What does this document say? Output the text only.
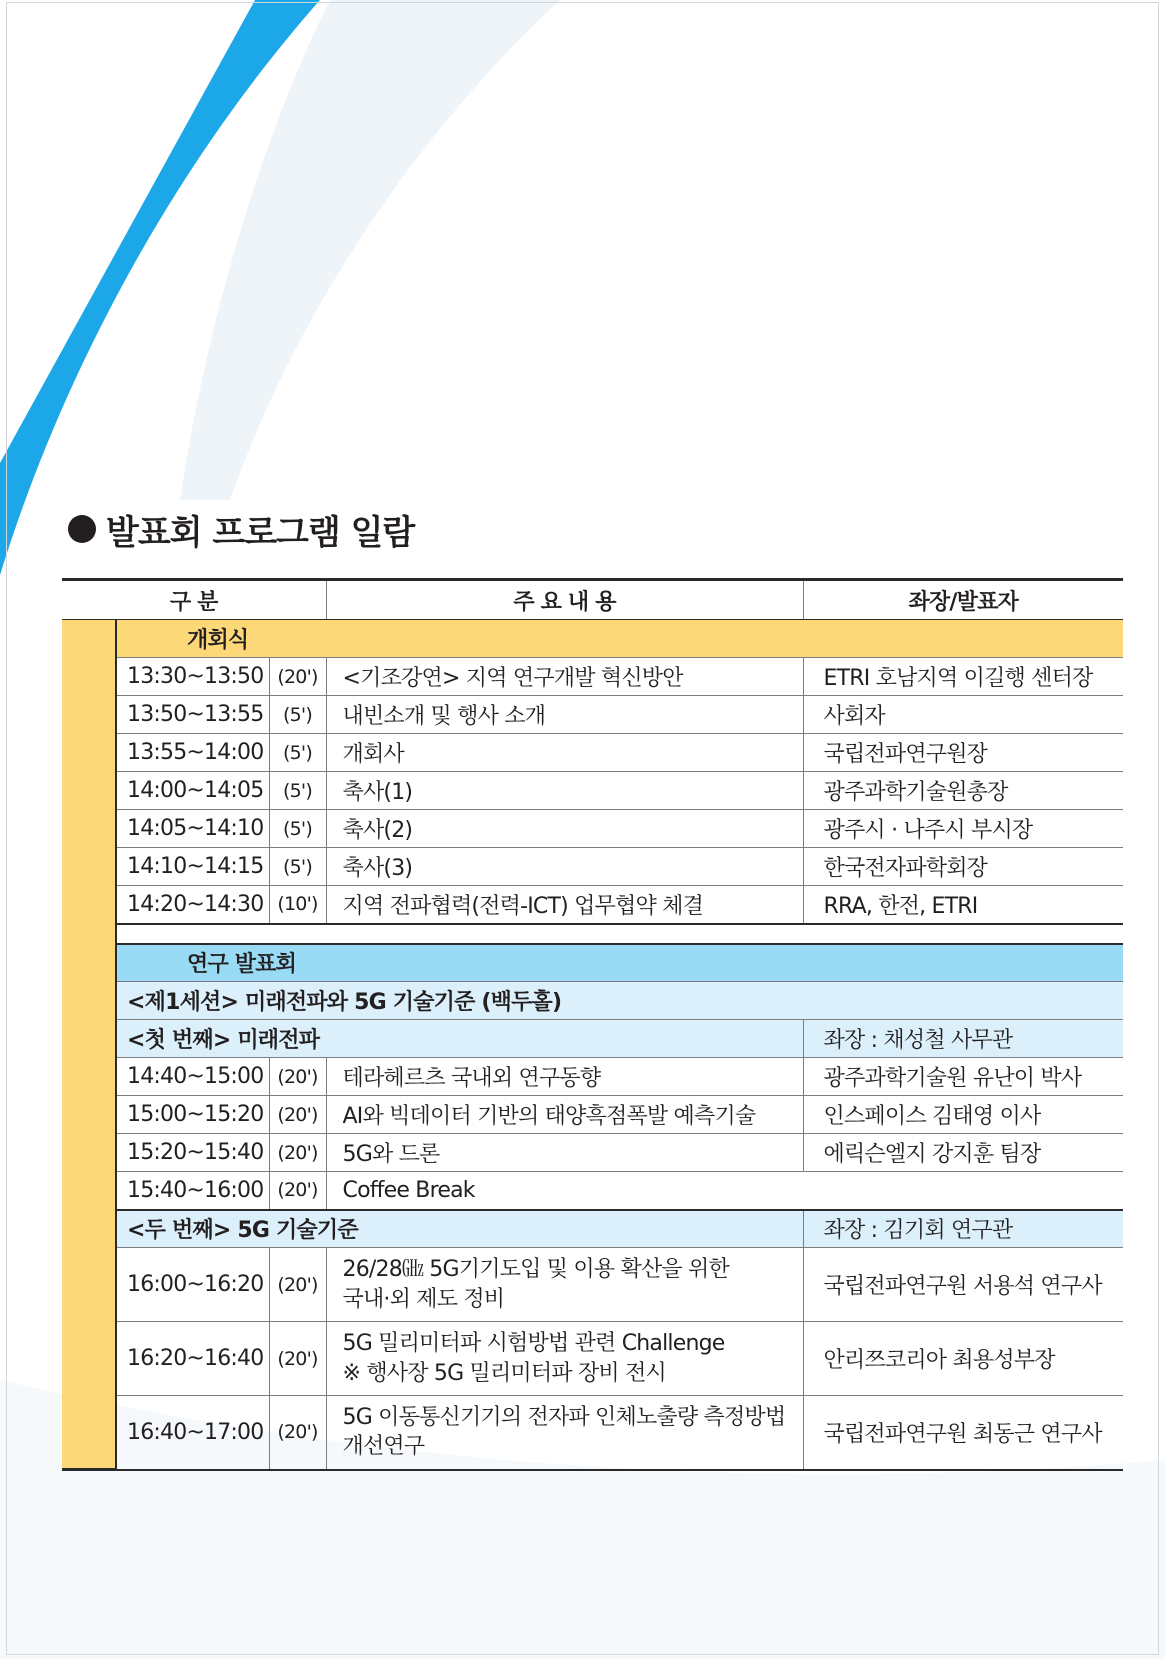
발표회 프로그램 일람
구 분			주 요 내 용	좌장/발표자

	개회식			
	13:30~13:50	(20')	<기조강연> 지역 연구개발 혁신방안	ETRI 호남지역 이길행 센터장
	13:50~13:55	(5')	내빈소개 및 행사 소개	사회자
	13:55~14:00	(5')	개회사	국립전파연구원장
	14:00~14:05	(5')	축사(1)	광주과학기술원총장
	14:05~14:10	(5')	축사(2)	광주시 · 나주시 부시장
	14:10~14:15	(5')	축사(3)	한국전자파학회장
	14:20~14:30	(10')	지역 전파협력(전력-ICT) 업무협약 체결	RRA, 한전, ETRI

	연구 발표회			
	<제1세션> 미래전파와 5G 기술기준 (백두홀)			
	<첫 번째> 미래전파			좌장 : 채성철 사무관
	14:40~15:00	(20')	테라헤르츠 국내외 연구동향	광주과학기술원 유난이 박사
	15:00~15:20	(20')	AI와 빅데이터 기반의 태양흑점폭발 예측기술	인스페이스 김태영 이사
	15:20~15:40	(20')	5G와 드론	에릭슨엘지 강지훈 팀장
	15:40~16:00	(20')	Coffee Break	
	<두 번째> 5G 기술기준			좌장 : 김기회 연구관
	16:00~16:20	(20')	26/28㎓ 5G기기도입 및 이용 확산을 위한
국내·외 제도 정비	국립전파연구원 서용석 연구사
	16:20~16:40	(20')	5G 밀리미터파 시험방법 관련 Challenge
※ 행사장 5G 밀리미터파 장비 전시	안리쯔코리아 최용성부장
	16:40~17:00	(20')	5G 이동통신기기의 전자파 인체노출량 측정방법
개선연구	국립전파연구원 최동근 연구사
